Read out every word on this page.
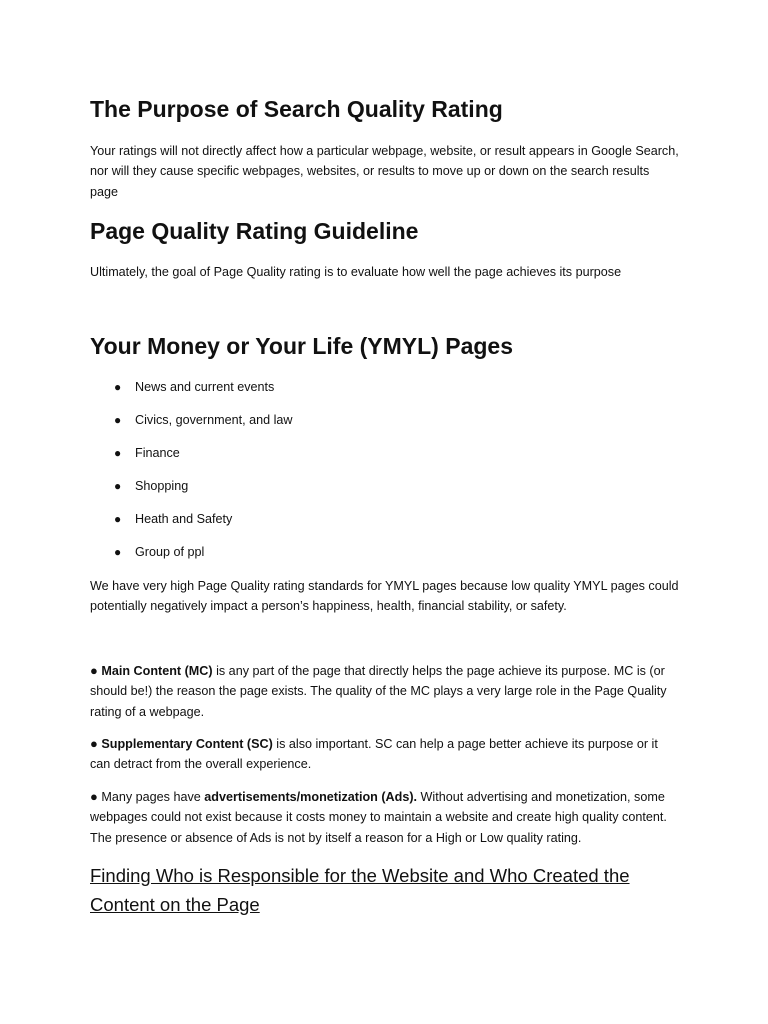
The Purpose of Search Quality Rating

Your ratings will not directly affect how a particular webpage, website, or result appears in Google Search, nor will they cause specific webpages, websites, or results to move up or down on the search results page

Page Quality Rating Guideline

Ultimately, the goal of Page Quality rating is to evaluate how well the page achieves its purpose

Your Money or Your Life (YMYL) Pages
● News and current events
● Civics, government, and law
● Finance
● Shopping
● Heath and Safety
● Group of ppl

We have very high Page Quality rating standards for YMYL pages because low quality YMYL pages could potentially negatively impact a person’s happiness, health, financial stability, or safety.

● Main Content (MC) is any part of the page that directly helps the page achieve its purpose. MC is (or should be!) the reason the page exists. The quality of the MC plays a very large role in the Page Quality rating of a webpage.

● Supplementary Content (SC) is also important. SC can help a page better achieve its purpose or it can detract from the overall experience.

● Many pages have advertisements/monetization (Ads). Without advertising and monetization, some webpages could not exist because it costs money to maintain a website and create high quality content. The presence or absence of Ads is not by itself a reason for a High or Low quality rating.

Finding Who is Responsible for the Website and Who Created the Content on the Page
